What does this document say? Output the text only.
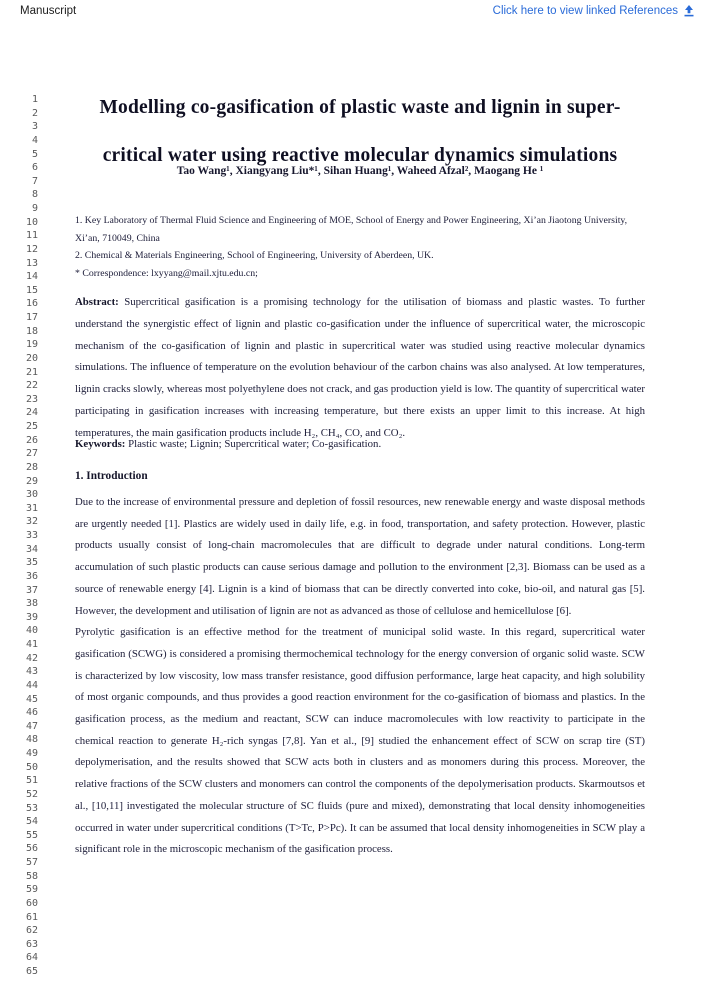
Manuscript	Click here to view linked References
1
2
3
4
5
6
7
8
9
10
11
12
13
14
15
16
17
18
19
20
21
22
23
24
25
26
27
28
29
30
31
32
33
34
35
36
37
38
39
40
41
42
43
44
45
46
47
48
49
50
51
52
53
54
55
56
57
58
59
60
61
62
63
64
65
Modelling co-gasification of plastic waste and lignin in super-
critical water using reactive molecular dynamics simulations
Tao Wang¹, Xiangyang Liu*¹, Sihan Huang¹, Waheed Afzal², Maogang He ¹
1. Key Laboratory of Thermal Fluid Science and Engineering of MOE, School of Energy and Power Engineering, Xi’an Jiaotong University, Xi’an, 710049, China
2. Chemical & Materials Engineering, School of Engineering, University of Aberdeen, UK.
* Correspondence: lxyyang@mail.xjtu.edu.cn;
Abstract: Supercritical gasification is a promising technology for the utilisation of biomass and plastic wastes. To further understand the synergistic effect of lignin and plastic co-gasification under the influence of supercritical water, the microscopic mechanism of the co-gasification of lignin and plastic in supercritical water was studied using reactive molecular dynamics simulations. The influence of temperature on the evolution behaviour of the carbon chains was also analysed. At low temperatures, lignin cracks slowly, whereas most polyethylene does not crack, and gas production yield is low. The quantity of supercritical water participating in gasification increases with increasing temperature, but there exists an upper limit to this increase. At high temperatures, the main gasification products include H₂, CH₄, CO, and CO₂.
Keywords: Plastic waste; Lignin; Supercritical water; Co-gasification.
1. Introduction

Due to the increase of environmental pressure and depletion of fossil resources, new renewable energy and waste disposal methods are urgently needed [1]. Plastics are widely used in daily life, e.g. in food, transportation, and safety protection. However, plastic products usually consist of long-chain macromolecules that are difficult to degrade under natural conditions. Long-term accumulation of such plastic products can cause serious damage and pollution to the environment [2,3]. Biomass can be used as a source of renewable energy [4]. Lignin is a kind of biomass that can be directly converted into coke, bio-oil, and natural gas [5]. However, the development and utilisation of lignin are not as advanced as those of cellulose and hemicellulose [6].

Pyrolytic gasification is an effective method for the treatment of municipal solid waste. In this regard, supercritical water gasification (SCWG) is considered a promising thermochemical technology for the energy conversion of organic solid waste. SCW is characterized by low viscosity, low mass transfer resistance, good diffusion performance, large heat capacity, and high solubility of most organic compounds, and thus provides a good reaction environment for the co-gasification of biomass and plastics. In the gasification process, as the medium and reactant, SCW can induce macromolecules with low reactivity to participate in the chemical reaction to generate H₂-rich syngas [7,8]. Yan et al., [9] studied the enhancement effect of SCW on scrap tire (ST) depolymerisation, and the results showed that SCW acts both in clusters and as monomers during this process. Moreover, the relative fractions of the SCW clusters and monomers can control the components of the depolymerisation products. Skarmoutsos et al., [10,11] investigated the molecular structure of SC fluids (pure and mixed), demonstrating that local density inhomogeneities occurred in water under supercritical conditions (T>Tc, P>Pc). It can be assumed that local density inhomogeneities in SCW play a significant role in the microscopic mechanism of the gasification process.
